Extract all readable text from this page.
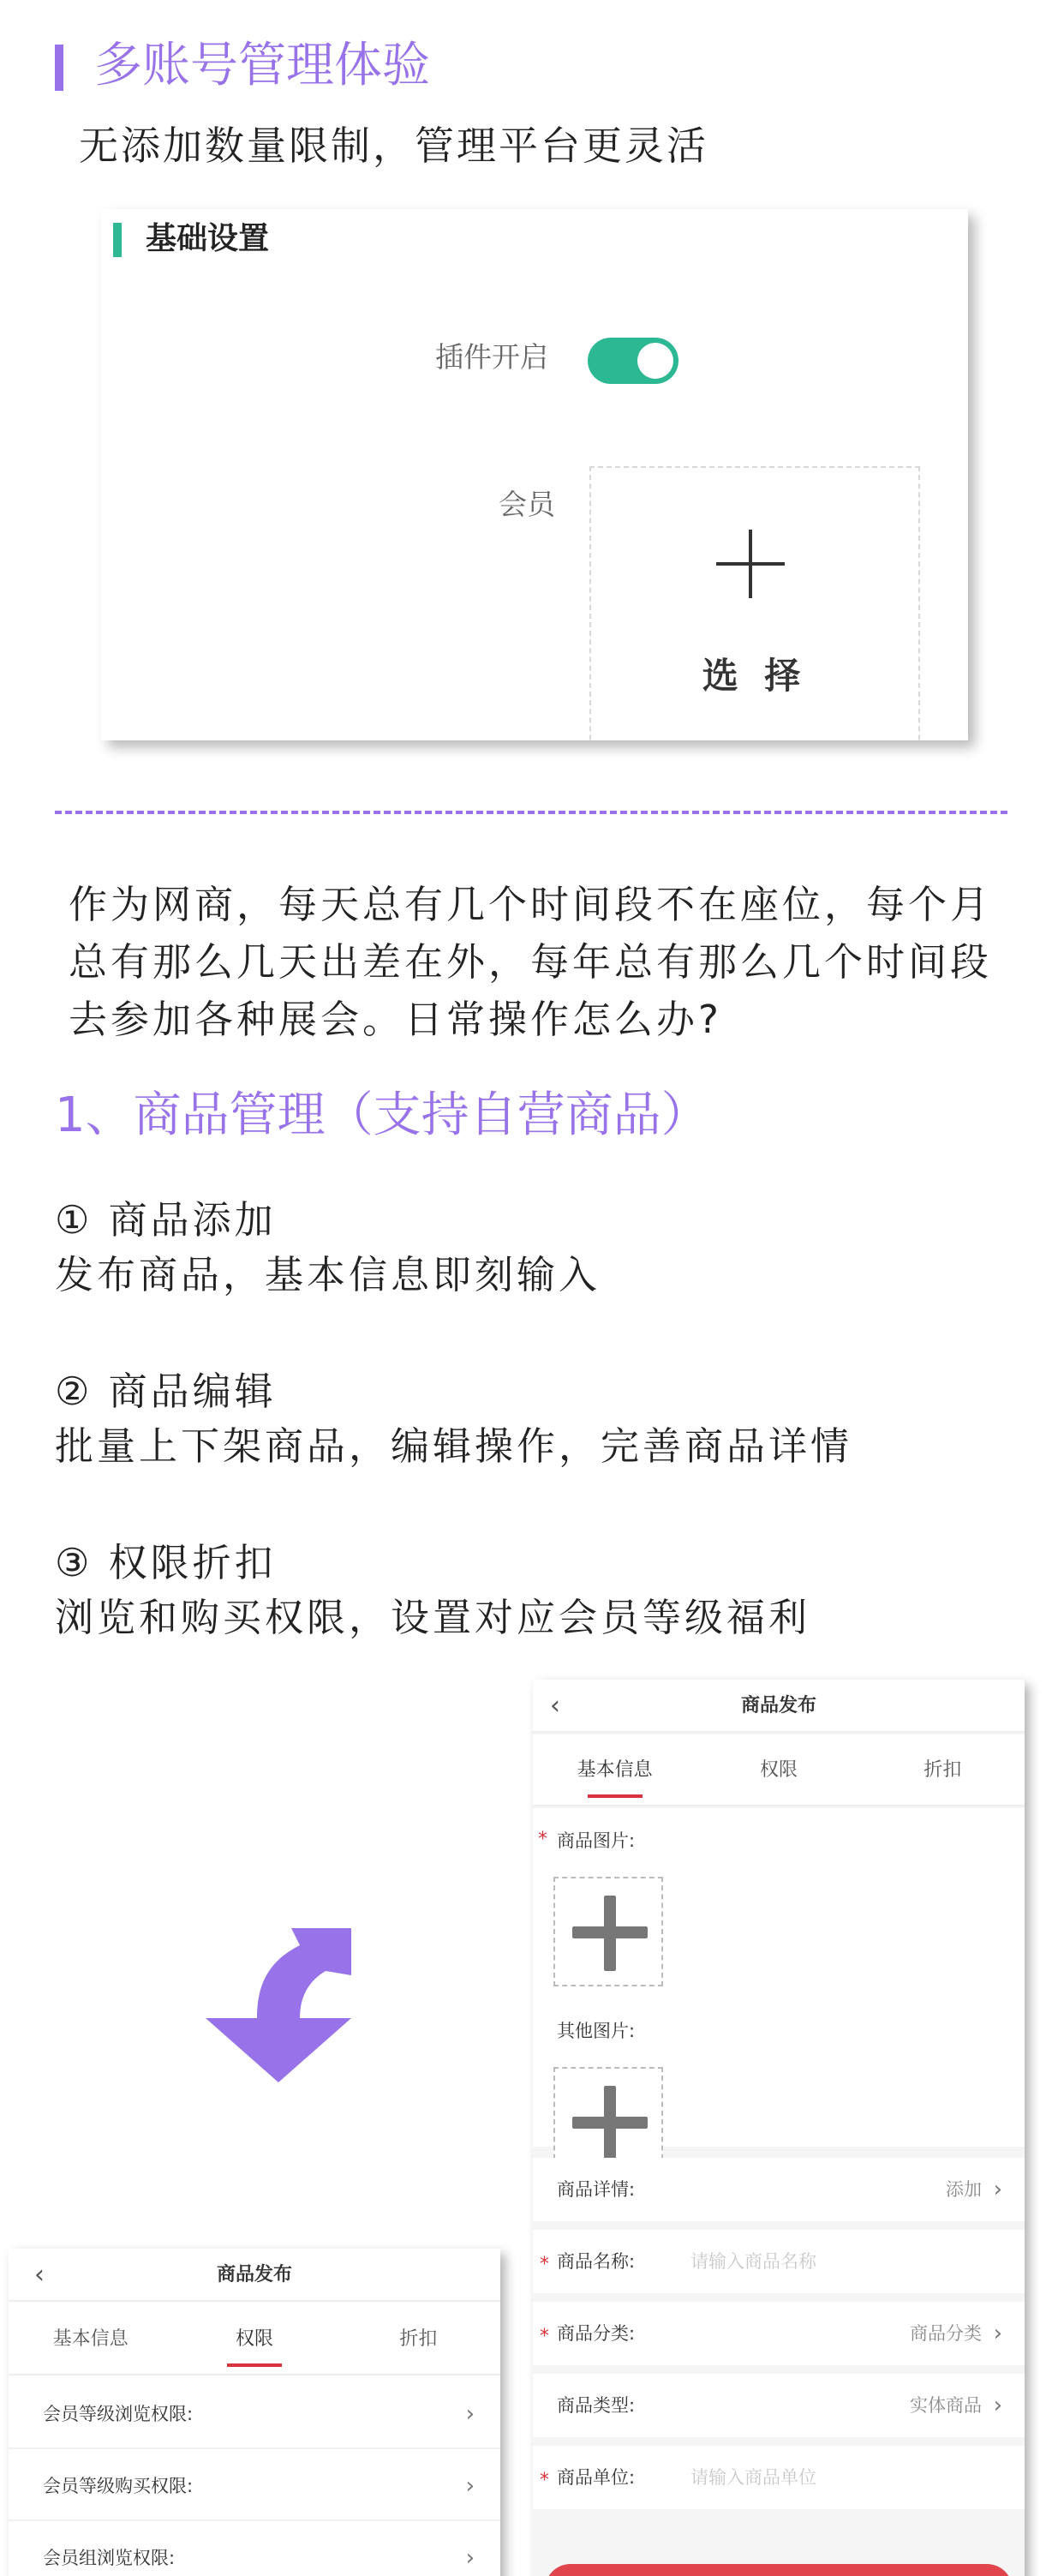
多账号管理体验
无添加数量限制，管理平台更灵活
基础设置
插件开启
会员
选 择
作为网商，每天总有几个时间段不在座位，每个月总有那么几天出差在外，每年总有那么几个时间段去参加各种展会。日常操作怎么办?
1、商品管理（支持自营商品）
① 商品添加
发布商品，基本信息即刻输入
② 商品编辑
批量上下架商品，编辑操作，完善商品详情
③ 权限折扣
浏览和购买权限，设置对应会员等级福利
‹	商品发布
基本信息	权限	折扣
* 商品图片:
其他图片:
商品详情:	添加 ›
* 商品名称:	请输入商品名称
* 商品分类:	商品分类 ›
商品类型:	实体商品 ›
* 商品单位:	请输入商品单位
‹	商品发布
基本信息	权限	折扣
会员等级浏览权限:	›
会员等级购买权限:	›
会员组浏览权限:	›
